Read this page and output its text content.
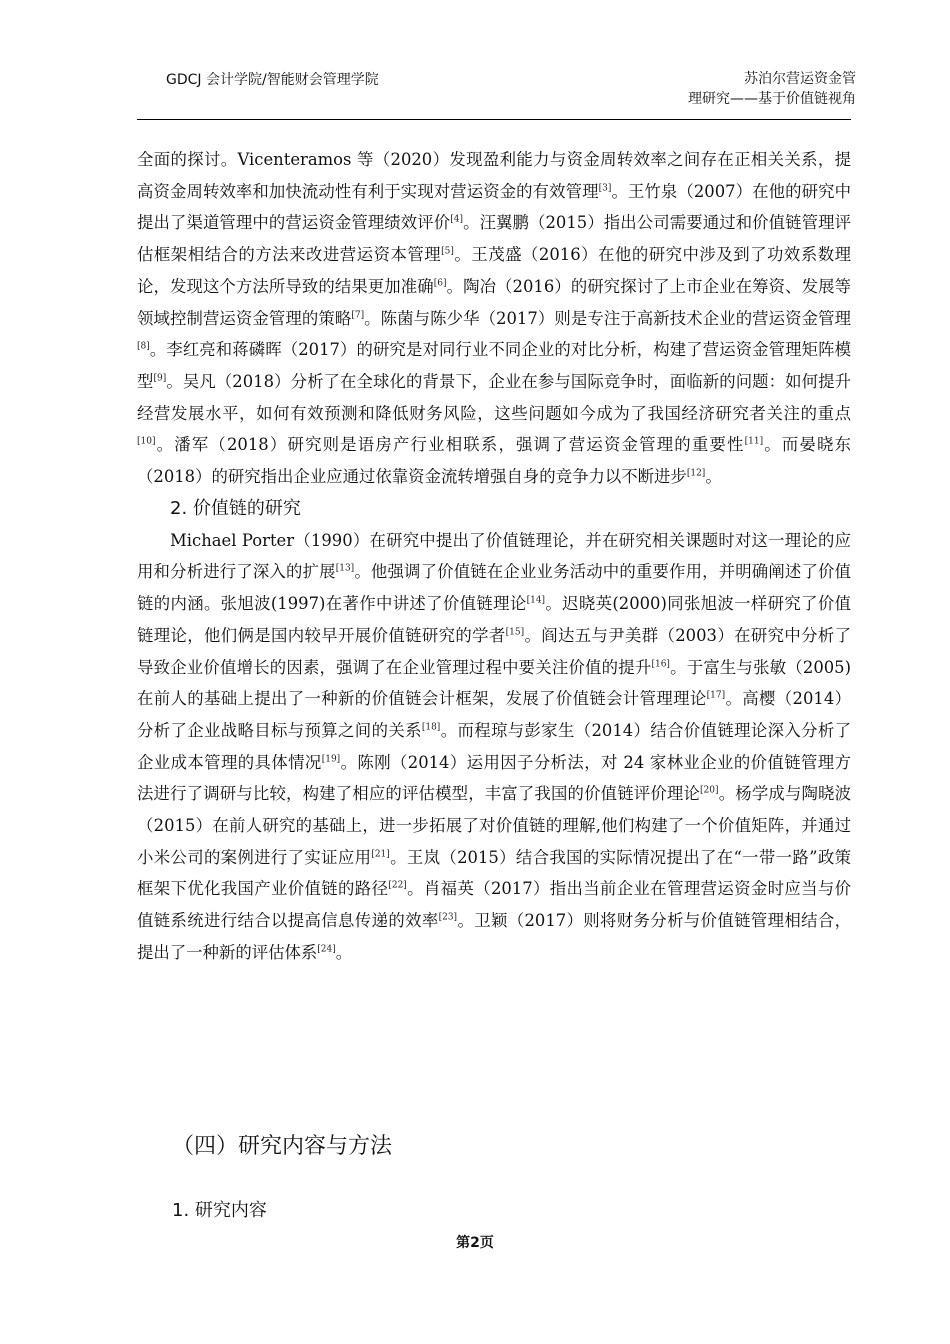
GDCJ 会计学院/智能财会管理学院	苏泊尔营运资金管
理研究——基于价值链视角

全面的探讨。Vicenteramos 等（2020）发现盈利能力与资金周转效率之间存在正相关关系，提高资金周转效率和加快流动性有利于实现对营运资金的有效管理[3]。王竹泉（2007）在他的研究中提出了渠道管理中的营运资金管理绩效评价[4]。汪翼鹏（2015）指出公司需要通过和价值链管理评估框架相结合的方法来改进营运资本管理[5]。王茂盛（2016）在他的研究中涉及到了功效系数理论，发现这个方法所导致的结果更加准确[6]。陶冶（2016）的研究探讨了上市企业在筹资、发展等领域控制营运资金管理的策略[7]。陈菌与陈少华（2017）则是专注于高新技术企业的营运资金管理[8]。李红亮和蒋磷晖（2017）的研究是对同行业不同企业的对比分析，构建了营运资金管理矩阵模型[9]。吴凡（2018）分析了在全球化的背景下，企业在参与国际竞争时，面临新的问题：如何提升经营发展水平，如何有效预测和降低财务风险，这些问题如今成为了我国经济研究者关注的重点[10]。潘军（2018）研究则是语房产行业相联系，强调了营运资金管理的重要性[11]。而晏晓东（2018）的研究指出企业应通过依靠资金流转增强自身的竞争力以不断进步[12]。

2. 价值链的研究

Michael Porter（1990）在研究中提出了价值链理论，并在研究相关课题时对这一理论的应用和分析进行了深入的扩展[13]。他强调了价值链在企业业务活动中的重要作用，并明确阐述了价值链的内涵。张旭波(1997)在著作中讲述了价值链理论[14]。迟晓英(2000)同张旭波一样研究了价值链理论，他们俩是国内较早开展价值链研究的学者[15]。阎达五与尹美群（2003）在研究中分析了导致企业价值增长的因素，强调了在企业管理过程中要关注价值的提升[16]。于富生与张敏（2005)在前人的基础上提出了一种新的价值链会计框架，发展了价值链会计管理理论[17]。高樱（2014）分析了企业战略目标与预算之间的关系[18]。而程琼与彭家生（2014）结合价值链理论深入分析了企业成本管理的具体情况[19]。陈刚（2014）运用因子分析法，对 24 家林业企业的价值链管理方法进行了调研与比较，构建了相应的评估模型，丰富了我国的价值链评价理论[20]。杨学成与陶晓波（2015）在前人研究的基础上，进一步拓展了对价值链的理解,他们构建了一个价值矩阵，并通过小米公司的案例进行了实证应用[21]。王岚（2015）结合我国的实际情况提出了在“一带一路”政策框架下优化我国产业价值链的路径[22]。肖福英（2017）指出当前企业在管理营运资金时应当与价值链系统进行结合以提高信息传递的效率[23]。卫颖（2017）则将财务分析与价值链管理相结合，提出了一种新的评估体系[24]。

（四）研究内容与方法
1. 研究内容
第2页
